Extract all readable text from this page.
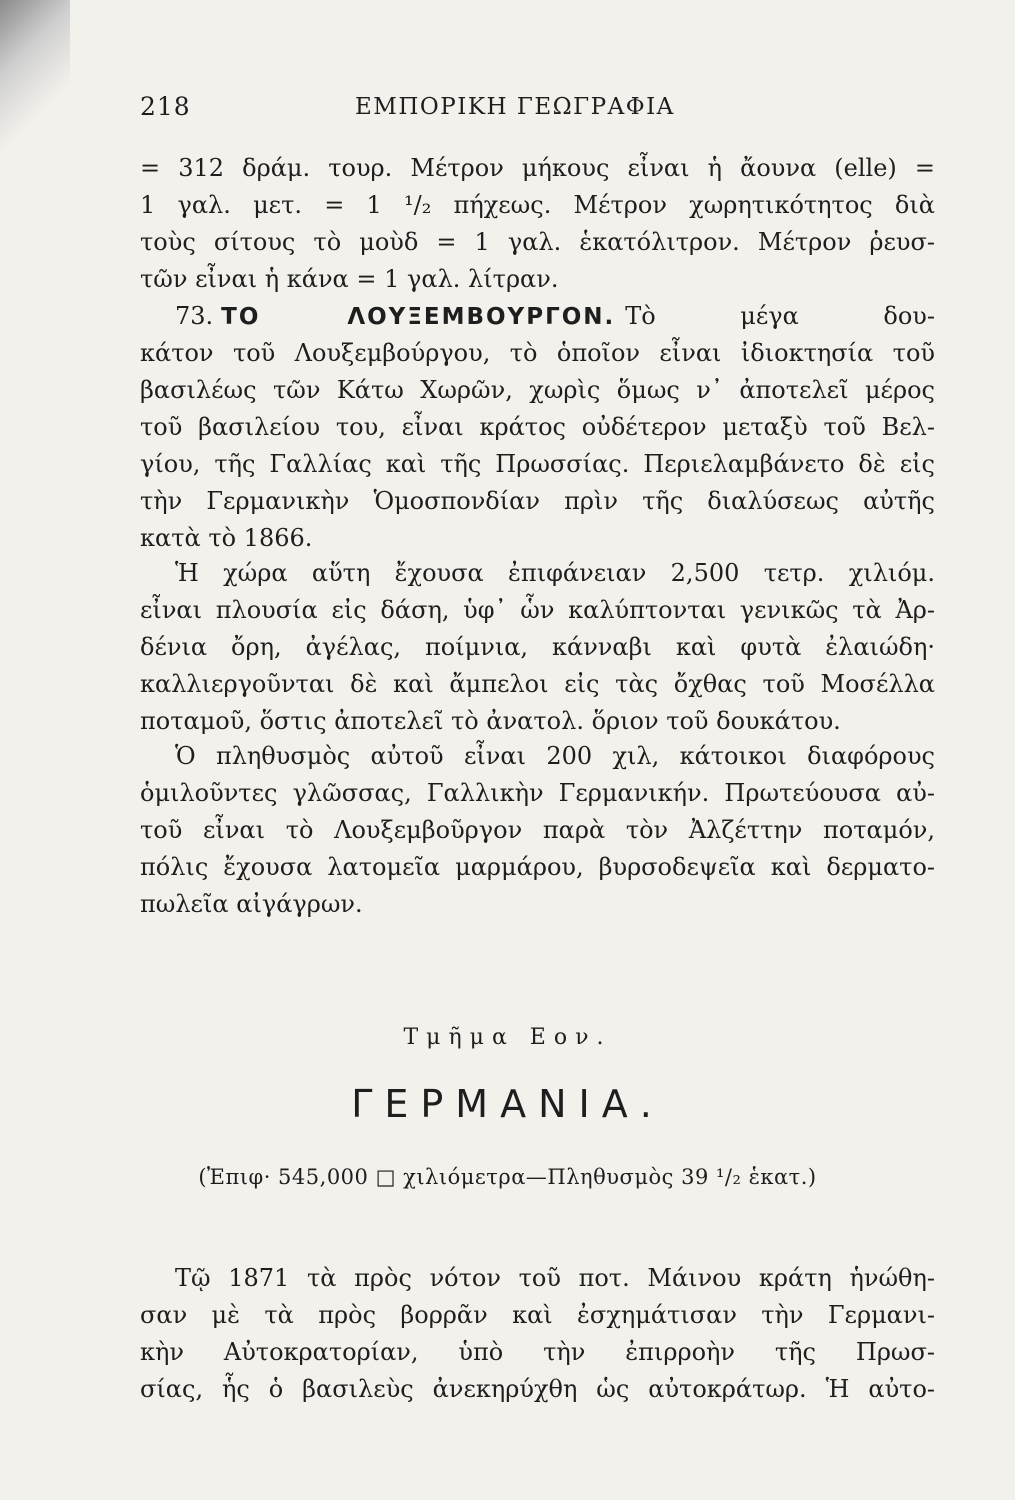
218	ΕΜΠΟΡΙΚΗ ΓΕΩΓΡΑΦΙΑ
= 312 δράμ. τουρ. Μέτρον μήκους εἶναι ἡ ἄουνα (elle) =
1 γαλ. μετ. = 1 ¹/₂ πήχεως. Μέτρον χωρητικότητος διὰ
τοὺς σίτους τὸ μοὺδ = 1 γαλ. ἑκατόλιτρον. Μέτρον ῥευσ-
τῶν εἶναι ἡ κάνα = 1 γαλ. λίτραν.
73. ΤΟ ΛΟΥΞΕΜΒΟΥΡΓΟΝ. Τὸ μέγα δου-
κάτον τοῦ Λουξεμβούργου, τὸ ὁποῖον εἶναι ἰδιοκτησία τοῦ
βασιλέως τῶν Κάτω Χωρῶν, χωρὶς ὅμως ν᾽ ἀποτελεῖ μέρος
τοῦ βασιλείου του, εἶναι κράτος οὐδέτερον μεταξὺ τοῦ Βελ-
γίου, τῆς Γαλλίας καὶ τῆς Πρωσσίας. Περιελαμβάνετο δὲ εἰς
τὴν Γερμανικὴν Ὁμοσπονδίαν πρὶν τῆς διαλύσεως αὐτῆς
κατὰ τὸ 1866.
Ἡ χώρα αὕτη ἔχουσα ἐπιφάνειαν 2,500 τετρ. χιλιόμ.
εἶναι πλουσία εἰς δάση, ὑφ᾽ ὧν καλύπτονται γενικῶς τὰ Ἀρ-
δένια ὄρη, ἀγέλας, ποίμνια, κάνναβι καὶ φυτὰ ἐλαιώδη·
καλλιεργοῦνται δὲ καὶ ἄμπελοι εἰς τὰς ὄχθας τοῦ Μοσέλλα
ποταμοῦ, ὅστις ἀποτελεῖ τὸ ἀνατολ. ὅριον τοῦ δουκάτου.
Ὁ πληθυσμὸς αὐτοῦ εἶναι 200 χιλ, κάτοικοι διαφόρους
ὁμιλοῦντες γλῶσσας, Γαλλικὴν Γερμανικήν. Πρωτεύουσα αὐ-
τοῦ εἶναι τὸ Λουξεμβοῦργον παρὰ τὸν Ἀλζέττην ποταμόν,
πόλις ἔχουσα λατομεῖα μαρμάρου, βυρσοδεψεῖα καὶ δερματο-
πωλεῖα αἰγάγρων.
Τμῆμα Εον.
ΓΕΡΜΑΝΙΑ.
(Ἐπιφ· 545,000 □ χιλιόμετρα—Πληθυσμὸς 39 ¹/₂ ἑκατ.)
Τῷ 1871 τὰ πρὸς νότον τοῦ ποτ. Μάινου κράτη ἡνώθη-
σαν μὲ τὰ πρὸς βορρᾶν καὶ ἐσχημάτισαν τὴν Γερμανι-
κὴν Αὐτοκρατορίαν, ὑπὸ τὴν ἐπιρροὴν τῆς Πρωσ-
σίας, ἧς ὁ βασιλεὺς ἀνεκηρύχθη ὡς αὐτοκράτωρ. Ἡ αὐτο-
